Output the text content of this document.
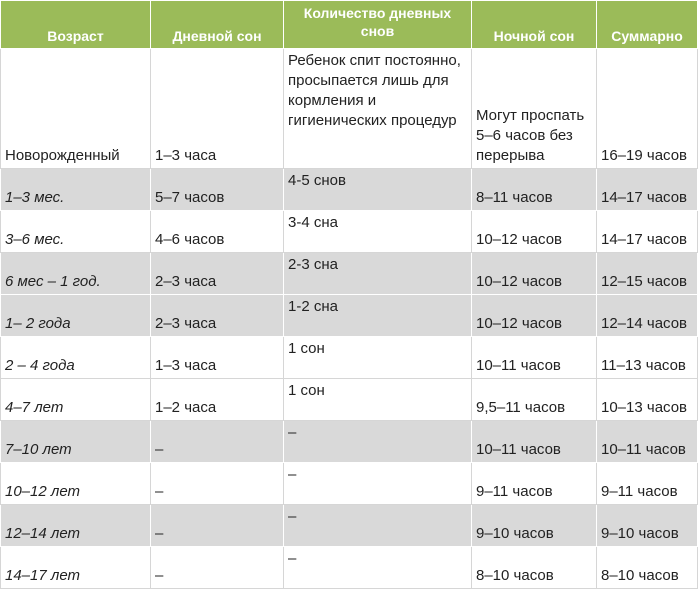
Возраст	Дневной сон	Количество дневных снов	Ночной сон	Суммарно
Новорожденный	1–3 часа	Ребенок спит постоянно, просыпается лишь для кормления и гигиенических процедур	Могут проспать 5–6 часов без перерыва	16–19 часов
1–3 мес.	5–7 часов	4-5 снов	8–11 часов	14–17 часов
3–6 мес.	4–6 часов	3-4 сна	10–12 часов	14–17 часов
6 мес – 1 год.	2–3 часа	2-3 сна	10–12 часов	12–15 часов
1– 2 года	2–3 часа	1-2 сна	10–12 часов	12–14 часов
2 – 4 года	1–3 часа	1 сон	10–11 часов	11–13 часов
4–7 лет	1–2 часа	1 сон	9,5–11 часов	10–13 часов
7–10 лет	–	–	10–11 часов	10–11 часов
10–12 лет	–	–	9–11 часов	9–11 часов
12–14 лет	–	–	9–10 часов	9–10 часов
14–17 лет	–	–	8–10 часов	8–10 часов
